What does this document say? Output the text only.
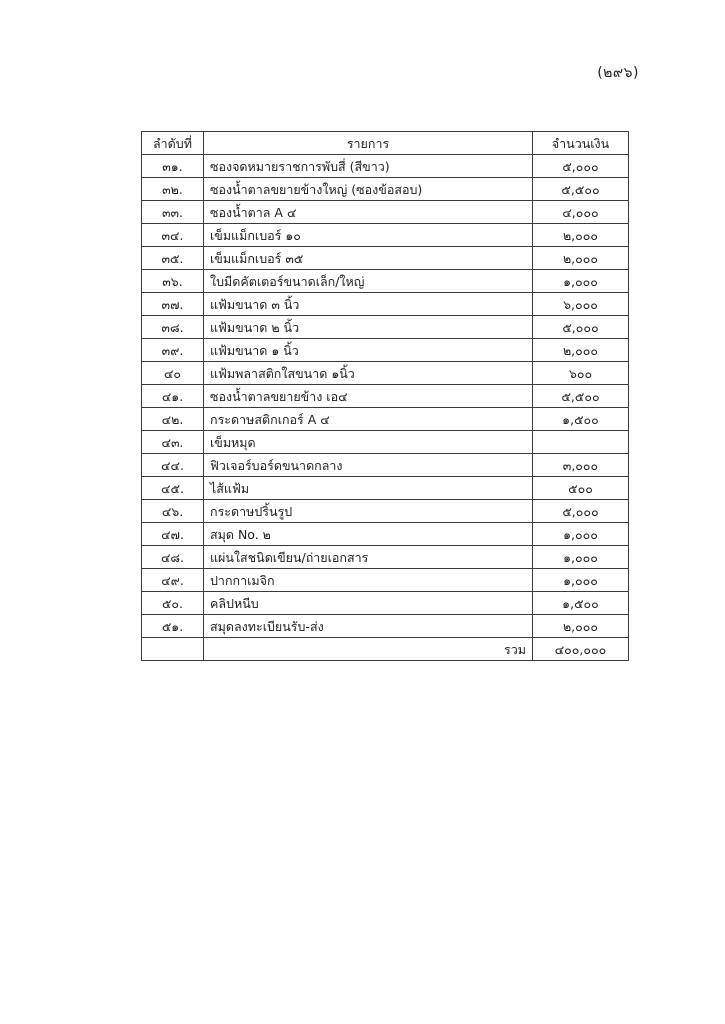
(๒๙๖)
ลำดับที่	รายการ	จำนวนเงิน
๓๑.	ซองจดหมายราชการพับสี่ (สีขาว)	๕,๐๐๐
๓๒.	ซองน้ำตาลขยายข้างใหญ่ (ซองข้อสอบ)	๕,๕๐๐
๓๓.	ซองน้ำตาล A ๔	๔,๐๐๐
๓๔.	เข็มแม็กเบอร์ ๑๐	๒,๐๐๐
๓๕.	เข็มแม็กเบอร์ ๓๕	๒,๐๐๐
๓๖.	ใบมีดคัตเตอร์ขนาดเล็ก/ใหญ่	๑,๐๐๐
๓๗.	แฟ้มขนาด ๓ นิ้ว	๖,๐๐๐
๓๘.	แฟ้มขนาด ๒ นิ้ว	๕,๐๐๐
๓๙.	แฟ้มขนาด ๑ นิ้ว	๒,๐๐๐
๔๐	แฟ้มพลาสติกใสขนาด ๑นิ้ว	๖๐๐
๔๑.	ซองน้ำตาลขยายข้าง เอ๔	๕,๕๐๐
๔๒.	กระดาษสติกเกอร์ A ๔	๑,๕๐๐
๔๓.	เข็มหมุด	
๔๔.	ฟิวเจอร์บอร์ดขนาดกลาง	๓,๐๐๐
๔๕.	ไส้แฟ้ม	๕๐๐
๔๖.	กระดาษปริ้นรูป	๕,๐๐๐
๔๗.	สมุด No. ๒	๑,๐๐๐
๔๘.	แผ่นใสชนิดเขียน/ถ่ายเอกสาร	๑,๐๐๐
๔๙.	ปากกาเมจิก	๑,๐๐๐
๕๐.	คลิปหนีบ	๑,๕๐๐
๕๑.	สมุดลงทะเบียนรับ-ส่ง	๒,๐๐๐
	รวม	๔๐๐,๐๐๐
